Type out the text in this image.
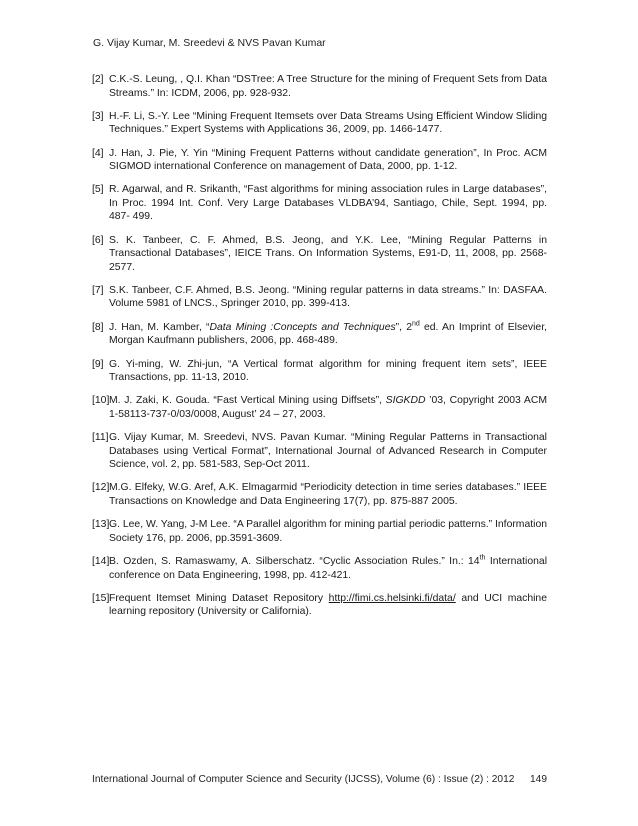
G. Vijay Kumar, M. Sreedevi & NVS Pavan Kumar
[2] C.K.-S. Leung, , Q.I. Khan “DSTree: A Tree Structure for the mining of Frequent Sets from Data Streams.” In: ICDM, 2006, pp. 928-932.
[3] H.-F. Li, S.-Y. Lee “Mining Frequent Itemsets over Data Streams Using Efficient Window Sliding Techniques.” Expert Systems with Applications 36, 2009, pp. 1466-1477.
[4] J. Han, J. Pie, Y. Yin “Mining Frequent Patterns without candidate generation”, In Proc. ACM SIGMOD international Conference on management of Data, 2000, pp. 1-12.
[5] R. Agarwal, and R. Srikanth, “Fast algorithms for mining association rules in Large databases”, In Proc. 1994 Int. Conf. Very Large Databases VLDBA’94, Santiago, Chile, Sept. 1994, pp. 487- 499.
[6] S. K. Tanbeer, C. F. Ahmed, B.S. Jeong, and Y.K. Lee, “Mining Regular Patterns in Transactional Databases”, IEICE Trans. On Information Systems, E91-D, 11, 2008, pp. 2568-2577.
[7] S.K. Tanbeer, C.F. Ahmed, B.S. Jeong. “Mining regular patterns in data streams.” In: DASFAA. Volume 5981 of LNCS., Springer 2010, pp. 399-413.
[8] J. Han, M. Kamber, “Data Mining :Concepts and Techniques”, 2nd ed. An Imprint of Elsevier, Morgan Kaufmann publishers, 2006, pp. 468-489.
[9] G. Yi-ming, W. Zhi-jun, “A Vertical format algorithm for mining frequent item sets”, IEEE Transactions, pp. 11-13, 2010.
[10] M. J. Zaki, K. Gouda. “Fast Vertical Mining using Diffsets”, SIGKDD ’03, Copyright 2003 ACM 1-58113-737-0/03/0008, August’ 24 – 27, 2003.
[11] G. Vijay Kumar, M. Sreedevi, NVS. Pavan Kumar. “Mining Regular Patterns in Transactional Databases using Vertical Format”, International Journal of Advanced Research in Computer Science, vol. 2, pp. 581-583, Sep-Oct 2011.
[12] M.G. Elfeky, W.G. Aref, A.K. Elmagarmid “Periodicity detection in time series databases.” IEEE Transactions on Knowledge and Data Engineering 17(7), pp. 875-887 2005.
[13] G. Lee, W. Yang, J-M Lee. “A Parallel algorithm for mining partial periodic patterns.” Information Society 176, pp. 2006, pp.3591-3609.
[14] B. Ozden, S. Ramaswamy, A. Silberschatz. “Cyclic Association Rules.” In.: 14th International conference on Data Engineering, 1998, pp. 412-421.
[15] Frequent Itemset Mining Dataset Repository http://fimi.cs.helsinki.fi/data/ and UCI machine learning repository (University or California).
International Journal of Computer Science and Security (IJCSS), Volume (6) : Issue (2) : 2012 149
